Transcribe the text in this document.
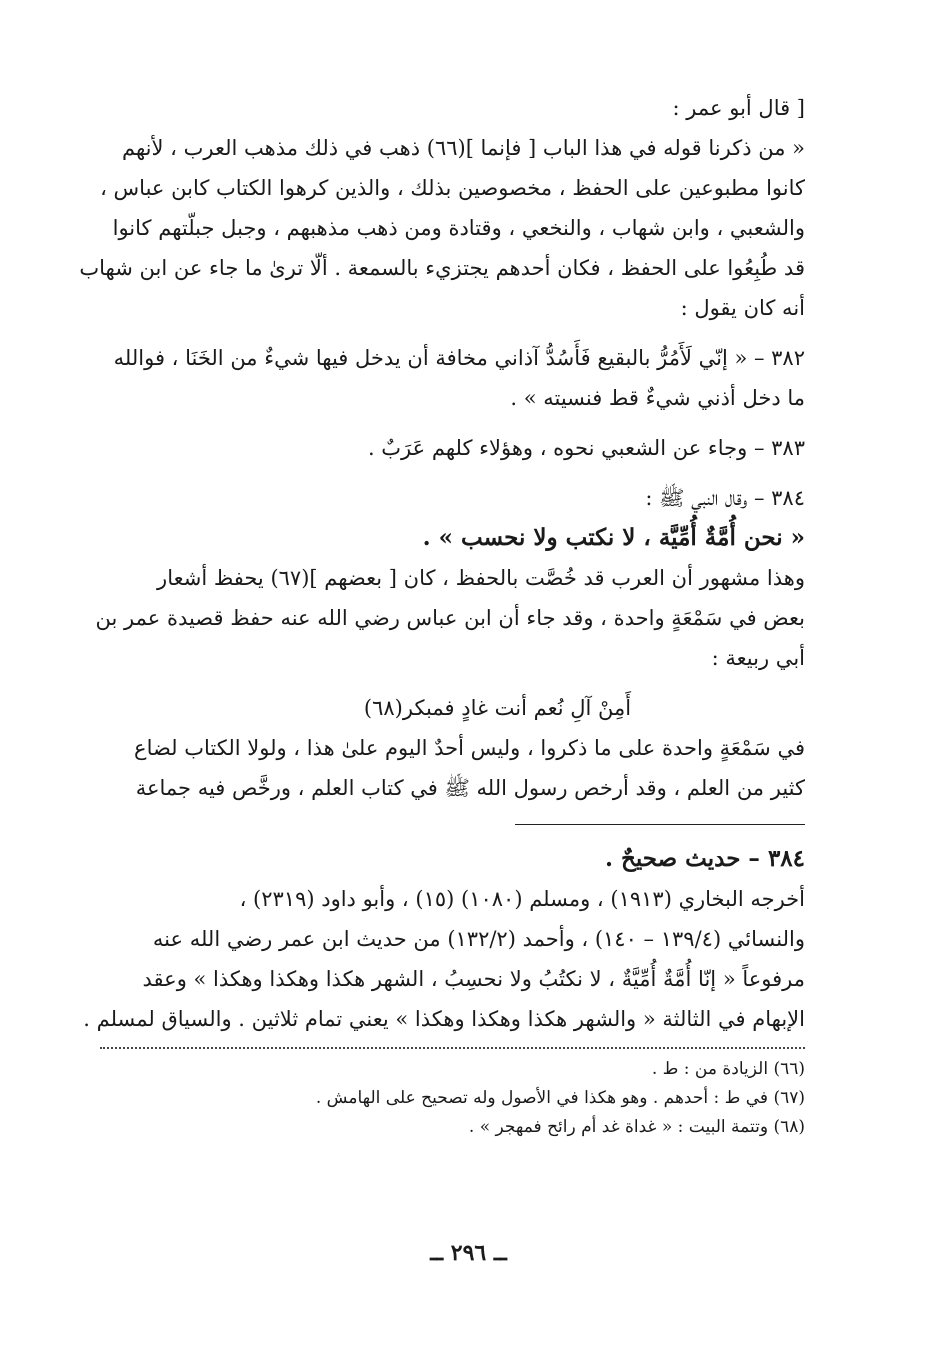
[ قال أبو عمر :
« من ذكرنا قوله في هذا الباب [ فإنما ](٦٦) ذهب في ذلك مذهب العرب ، لأنهم
كانوا مطبوعين على الحفظ ، مخصوصين بذلك ، والذين كرهوا الكتاب كابن عباس ،
والشعبي ، وابن شهاب ، والنخعي ، وقتادة ومن ذهب مذهبهم ، وجبل جبلّتهم كانوا
قد طُبِعُوا على الحفظ ، فكان أحدهم يجتزيء بالسمعة . ألّا ترىٰ ما جاء عن ابن شهاب
أنه كان يقول :
٣٨٢ – « إنّي لَأَمُرُّ بالبقيع فَأَسُدُّ آذاني مخافة أن يدخل فيها شيءٌ من الخَنَا ، فوالله
ما دخل أذني شيءٌ قط فنسيته » .
٣٨٣ – وجاء عن الشعبي نحوه ، وهؤلاء كلهم عَرَبٌ .
٣٨٤ – وقال النبي ﷺ :
« نحن أُمَّةٌ أُمِّيَّة ، لا نكتب ولا نحسب » .
وهذا مشهور أن العرب قد خُصَّت بالحفظ ، كان [ بعضهم ](٦٧) يحفظ أشعار
بعض في سَمْعَةٍ واحدة ، وقد جاء أن ابن عباس رضي الله عنه حفظ قصيدة عمر بن
أبي ربيعة :
أَمِنْ آلِ نُعم أنت غادٍ فمبكر(٦٨)
في سَمْعَةٍ واحدة على ما ذكروا ، وليس أحدٌ اليوم علىٰ هذا ، ولولا الكتاب لضاع
كثير من العلم ، وقد أرخص رسول الله ﷺ في كتاب العلم ، ورخَّص فيه جماعة
٣٨٤ – حديث صحيحٌ .
أخرجه البخاري (١٩١٣) ، ومسلم (١٠٨٠) (١٥) ، وأبو داود (٢٣١٩) ،
والنسائي (١٣٩/٤ – ١٤٠) ، وأحمد (١٣٢/٢) من حديث ابن عمر رضي الله عنه
مرفوعاً « إنّا أُمَّةٌ أُمِّيَّةٌ ، لا نكتُبُ ولا نحسِبُ ، الشهر هكذا وهكذا وهكذا » وعقد
الإبهام في الثالثة « والشهر هكذا وهكذا وهكذا » يعني تمام ثلاثين . والسياق لمسلم .
(٦٦) الزيادة من : ط .
(٦٧) في ط : أحدهم . وهو هكذا في الأصول وله تصحيح على الهامش .
(٦٨) وتتمة البيت : « غداة غد أم رائح فمهجر » .
ــ ٢٩٦ ــ
